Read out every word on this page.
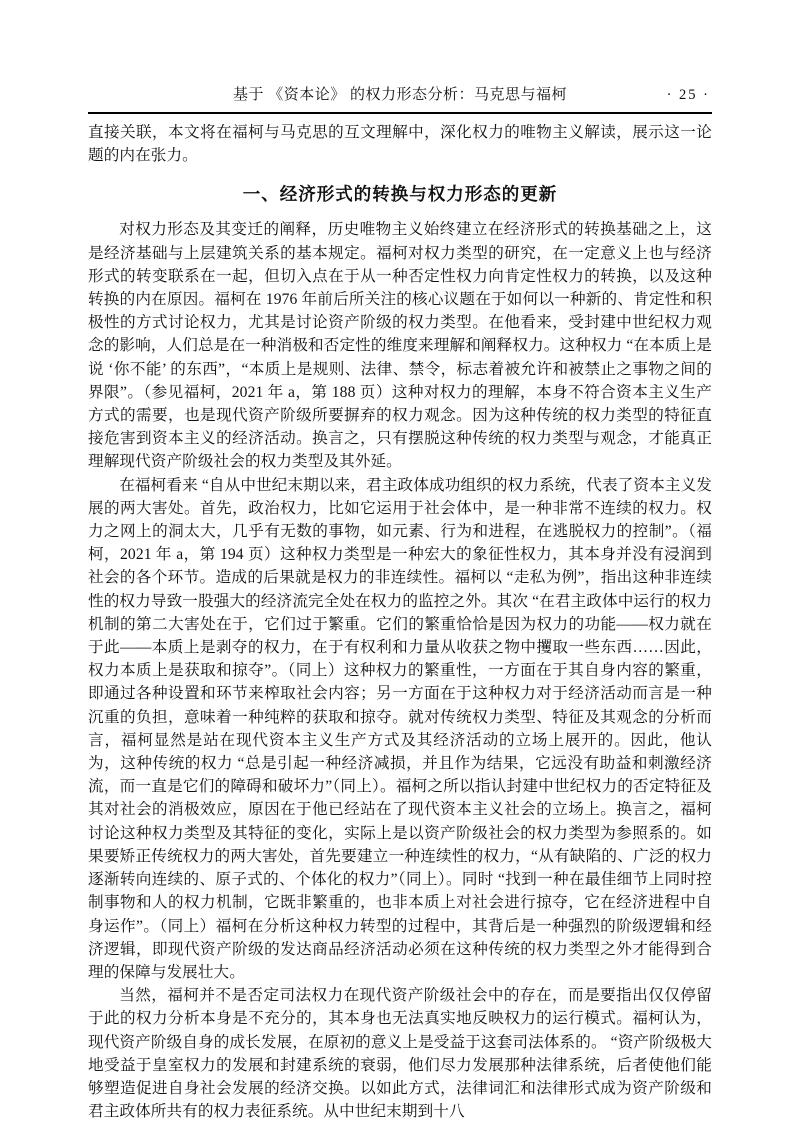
基于 《资本论》 的权力形态分析：马克思与福柯	· 25 ·

直接关联，本文将在福柯与马克思的互文理解中，深化权力的唯物主义解读，展示这一论题的内在张力。

一、经济形式的转换与权力形态的更新

对权力形态及其变迁的阐释，历史唯物主义始终建立在经济形式的转换基础之上，这是经济基础与上层建筑关系的基本规定。福柯对权力类型的研究，在一定意义上也与经济形式的转变联系在一起，但切入点在于从一种否定性权力向肯定性权力的转换，以及这种转换的内在原因。福柯在 1976 年前后所关注的核心议题在于如何以一种新的、肯定性和积极性的方式讨论权力，尤其是讨论资产阶级的权力类型。在他看来，受封建中世纪权力观念的影响，人们总是在一种消极和否定性的维度来理解和阐释权力。这种权力 “在本质上是说 ‘你不能’ 的东西”，“本质上是规则、法律、禁令，标志着被允许和被禁止之事物之间的界限”。（参见福柯，2021 年 a，第 188 页）这种对权力的理解，本身不符合资本主义生产方式的需要，也是现代资产阶级所要摒弃的权力观念。因为这种传统的权力类型的特征直接危害到资本主义的经济活动。换言之，只有摆脱这种传统的权力类型与观念，才能真正理解现代资产阶级社会的权力类型及其外延。

在福柯看来 “自从中世纪末期以来，君主政体成功组织的权力系统，代表了资本主义发展的两大害处。首先，政治权力，比如它运用于社会体中，是一种非常不连续的权力。权力之网上的洞太大，几乎有无数的事物，如元素、行为和进程，在逃脱权力的控制”。（福柯，2021 年 a，第 194 页）这种权力类型是一种宏大的象征性权力，其本身并没有浸润到社会的各个环节。造成的后果就是权力的非连续性。福柯以 “走私为例”，指出这种非连续性的权力导致一股强大的经济流完全处在权力的监控之外。其次 “在君主政体中运行的权力机制的第二大害处在于，它们过于繁重。它们的繁重恰恰是因为权力的功能——权力就在于此——本质上是剥夺的权力，在于有权利和力量从收获之物中攫取一些东西……因此，权力本质上是获取和掠夺”。（同上）这种权力的繁重性，一方面在于其自身内容的繁重，即通过各种设置和环节来榨取社会内容；另一方面在于这种权力对于经济活动而言是一种沉重的负担，意味着一种纯粹的获取和掠夺。就对传统权力类型、特征及其观念的分析而言，福柯显然是站在现代资本主义生产方式及其经济活动的立场上展开的。因此，他认为，这种传统的权力 “总是引起一种经济减损，并且作为结果，它远没有助益和刺激经济流，而一直是它们的障碍和破坏力”（同上）。福柯之所以指认封建中世纪权力的否定特征及其对社会的消极效应，原因在于他已经站在了现代资本主义社会的立场上。换言之，福柯讨论这种权力类型及其特征的变化，实际上是以资产阶级社会的权力类型为参照系的。如果要矫正传统权力的两大害处，首先要建立一种连续性的权力，“从有缺陷的、广泛的权力逐渐转向连续的、原子式的、个体化的权力”（同上）。同时 “找到一种在最佳细节上同时控制事物和人的权力机制，它既非繁重的，也非本质上对社会进行掠夺，它在经济进程中自身运作”。（同上）福柯在分析这种权力转型的过程中，其背后是一种强烈的阶级逻辑和经济逻辑，即现代资产阶级的发达商品经济活动必须在这种传统的权力类型之外才能得到合理的保障与发展壮大。

当然，福柯并不是否定司法权力在现代资产阶级社会中的存在，而是要指出仅仅停留于此的权力分析本身是不充分的，其本身也无法真实地反映权力的运行模式。福柯认为，现代资产阶级自身的成长发展，在原初的意义上是受益于这套司法体系的。 “资产阶级极大地受益于皇室权力的发展和封建系统的衰弱，他们尽力发展那种法律系统，后者使他们能够塑造促进自身社会发展的经济交换。以如此方式，法律词汇和法律形式成为资产阶级和君主政体所共有的权力表征系统。从中世纪末期到十八
